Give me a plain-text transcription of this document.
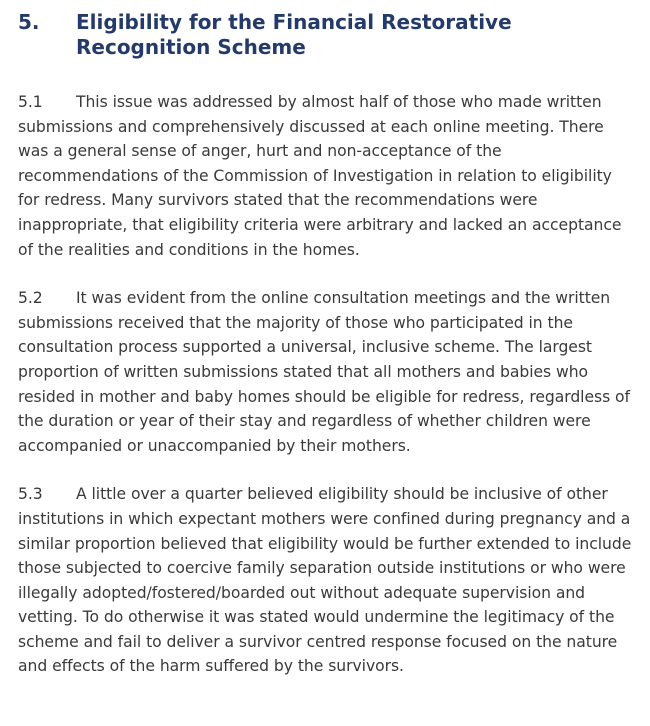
5.	Eligibility for the Financial Restorative Recognition Scheme

5.1 This issue was addressed by almost half of those who made written submissions and comprehensively discussed at each online meeting. There was a general sense of anger, hurt and non-acceptance of the recommendations of the Commission of Investigation in relation to eligibility for redress. Many survivors stated that the recommendations were inappropriate, that eligibility criteria were arbitrary and lacked an acceptance of the realities and conditions in the homes.

5.2 It was evident from the online consultation meetings and the written submissions received that the majority of those who participated in the consultation process supported a universal, inclusive scheme. The largest proportion of written submissions stated that all mothers and babies who resided in mother and baby homes should be eligible for redress, regardless of the duration or year of their stay and regardless of whether children were accompanied or unaccompanied by their mothers.

5.3 A little over a quarter believed eligibility should be inclusive of other institutions in which expectant mothers were confined during pregnancy and a similar proportion believed that eligibility would be further extended to include those subjected to coercive family separation outside institutions or who were illegally adopted/fostered/boarded out without adequate supervision and vetting. To do otherwise it was stated would undermine the legitimacy of the scheme and fail to deliver a survivor centred response focused on the nature and effects of the harm suffered by the survivors.
